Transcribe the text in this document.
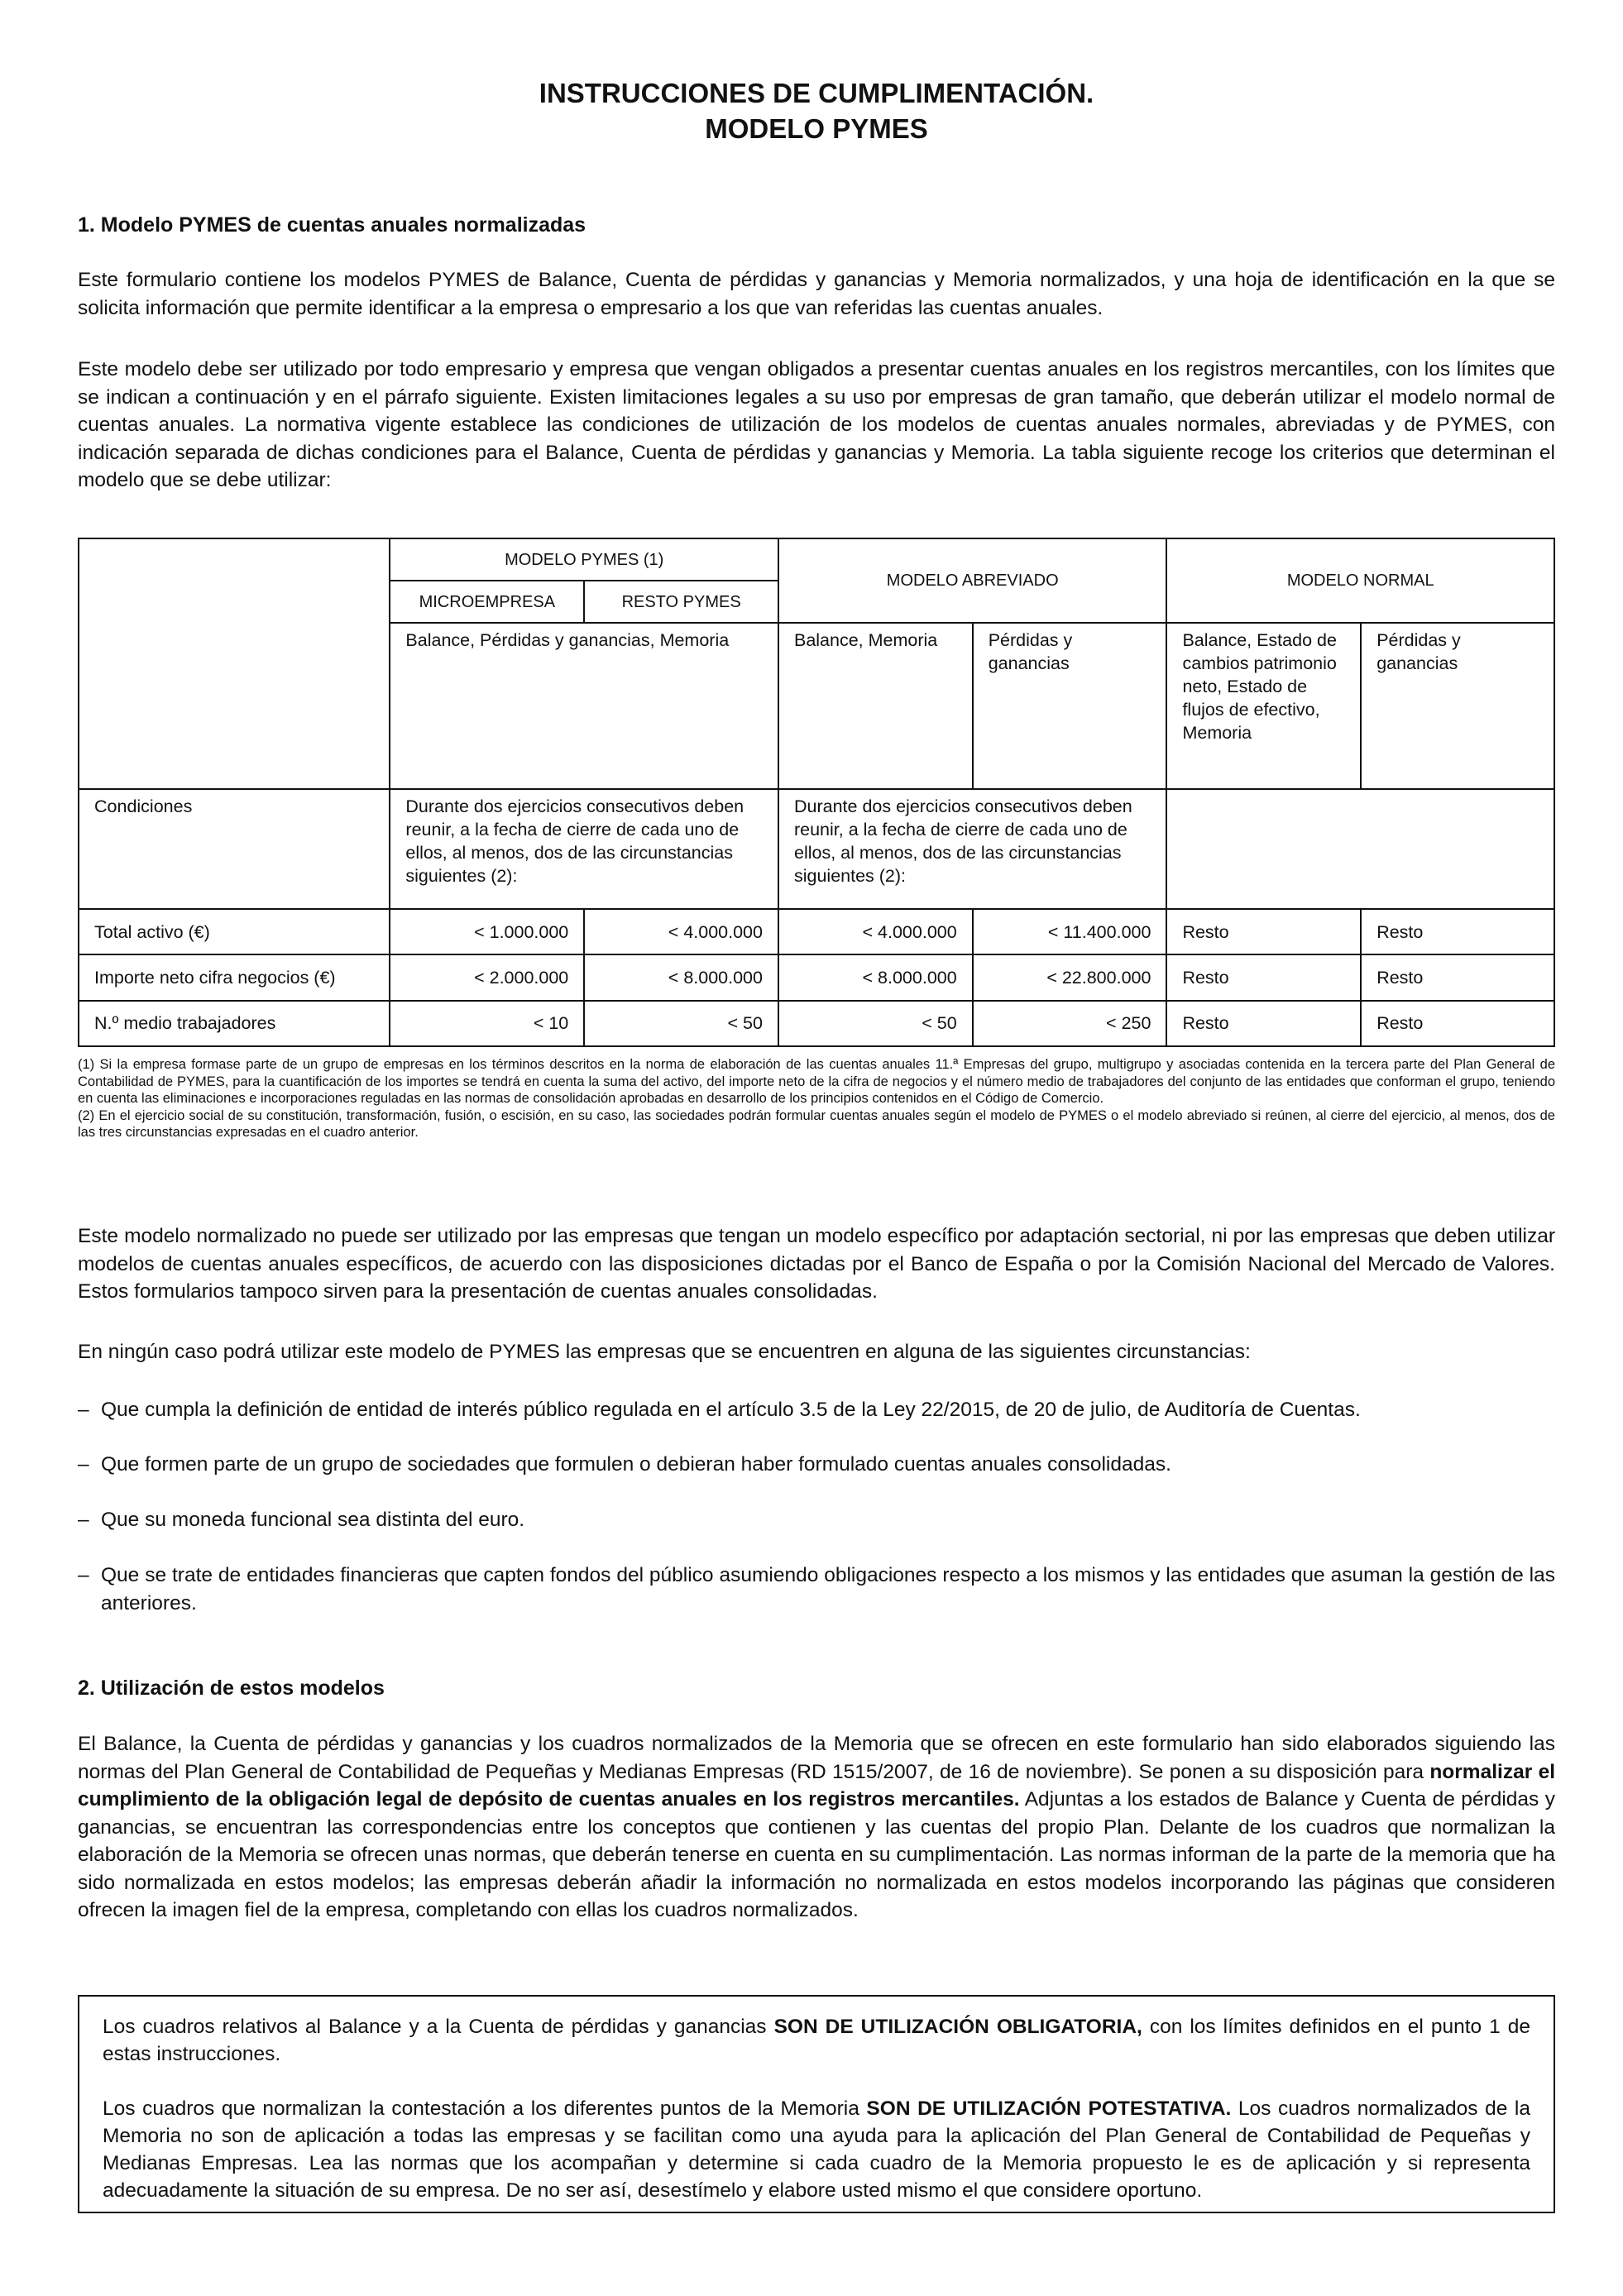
INSTRUCCIONES DE CUMPLIMENTACIÓN.
MODELO PYMES
1. Modelo PYMES de cuentas anuales normalizadas

Este formulario contiene los modelos PYMES de Balance, Cuenta de pérdidas y ganancias y Memoria normalizados, y una hoja de identificación en la que se solicita información que permite identificar a la empresa o empresario a los que van referidas las cuentas anuales.

Este modelo debe ser utilizado por todo empresario y empresa que vengan obligados a presentar cuentas anuales en los registros mercantiles, con los límites que se indican a continuación y en el párrafo siguiente. Existen limitaciones legales a su uso por empresas de gran tamaño, que deberán utilizar el modelo normal de cuentas anuales. La normativa vigente establece las condiciones de utilización de los modelos de cuentas anuales normales, abreviadas y de PYMES, con indicación separada de dichas condiciones para el Balance, Cuenta de pérdidas y ganancias y Memoria. La tabla siguiente recoge los criterios que determinan el modelo que se debe utilizar:

	MODELO PYMES (1)		MODELO ABREVIADO		MODELO NORMAL	
	MICROEMPRESA	RESTO PYMES				
	Balance, Pérdidas y ganancias, Memoria		Balance, Memoria	Pérdidas y ganancias	Balance, Estado de cambios patrimonio neto, Estado de flujos de efectivo, Memoria	Pérdidas y ganancias
Condiciones	Durante dos ejercicios consecutivos deben reunir, a la fecha de cierre de cada uno de ellos, al menos, dos de las circunstancias siguientes (2):		Durante dos ejercicios consecutivos deben reunir, a la fecha de cierre de cada uno de ellos, al menos, dos de las circunstancias siguientes (2):			
Total activo (€)	< 1.000.000	< 4.000.000	< 4.000.000	< 11.400.000	Resto	Resto
Importe neto cifra negocios (€)	< 2.000.000	< 8.000.000	< 8.000.000	< 22.800.000	Resto	Resto
N.º medio trabajadores	< 10	< 50	< 50	< 250	Resto	Resto

(1) Si la empresa formase parte de un grupo de empresas en los términos descritos en la norma de elaboración de las cuentas anuales 11.ª Empresas del grupo, multigrupo y asociadas contenida en la tercera parte del Plan General de Contabilidad de PYMES, para la cuantificación de los importes se tendrá en cuenta la suma del activo, del importe neto de la cifra de negocios y el número medio de trabajadores del conjunto de las entidades que conforman el grupo, teniendo en cuenta las eliminaciones e incorporaciones reguladas en las normas de consolidación aprobadas en desarrollo de los principios contenidos en el Código de Comercio.

(2) En el ejercicio social de su constitución, transformación, fusión, o escisión, en su caso, las sociedades podrán formular cuentas anuales según el modelo de PYMES o el modelo abreviado si reúnen, al cierre del ejercicio, al menos, dos de las tres circunstancias expresadas en el cuadro anterior.

Este modelo normalizado no puede ser utilizado por las empresas que tengan un modelo específico por adaptación sectorial, ni por las empresas que deben utilizar modelos de cuentas anuales específicos, de acuerdo con las disposiciones dictadas por el Banco de España o por la Comisión Nacional del Mercado de Valores. Estos formularios tampoco sirven para la presentación de cuentas anuales consolidadas.

En ningún caso podrá utilizar este modelo de PYMES las empresas que se encuentren en alguna de las siguientes circunstancias:

– Que cumpla la definición de entidad de interés público regulada en el artículo 3.5 de la Ley 22/2015, de 20 de julio, de Auditoría de Cuentas.
– Que formen parte de un grupo de sociedades que formulen o debieran haber formulado cuentas anuales consolidadas.
– Que su moneda funcional sea distinta del euro.
– Que se trate de entidades financieras que capten fondos del público asumiendo obligaciones respecto a los mismos y las entidades que asuman la gestión de las anteriores.
2. Utilización de estos modelos

El Balance, la Cuenta de pérdidas y ganancias y los cuadros normalizados de la Memoria que se ofrecen en este formulario han sido elaborados siguiendo las normas del Plan General de Contabilidad de Pequeñas y Medianas Empresas (RD 1515/2007, de 16 de noviembre). Se ponen a su disposición para normalizar el cumplimiento de la obligación legal de depósito de cuentas anuales en los registros mercantiles. Adjuntas a los estados de Balance y Cuenta de pérdidas y ganancias, se encuentran las correspondencias entre los conceptos que contienen y las cuentas del propio Plan. Delante de los cuadros que normalizan la elaboración de la Memoria se ofrecen unas normas, que deberán tenerse en cuenta en su cumplimentación. Las normas informan de la parte de la memoria que ha sido normalizada en estos modelos; las empresas deberán añadir la información no normalizada en estos modelos incorporando las páginas que consideren ofrecen la imagen fiel de la empresa, completando con ellas los cuadros normalizados.

Los cuadros relativos al Balance y a la Cuenta de pérdidas y ganancias SON DE UTILIZACIÓN OBLIGATORIA, con los límites definidos en el punto 1 de estas instrucciones.

Los cuadros que normalizan la contestación a los diferentes puntos de la Memoria SON DE UTILIZACIÓN POTESTATIVA. Los cuadros normalizados de la Memoria no son de aplicación a todas las empresas y se facilitan como una ayuda para la aplicación del Plan General de Contabilidad de Pequeñas y Medianas Empresas. Lea las normas que los acompañan y determine si cada cuadro de la Memoria propuesto le es de aplicación y si representa adecuadamente la situación de su empresa. De no ser así, desestímelo y elabore usted mismo el que considere oportuno.
